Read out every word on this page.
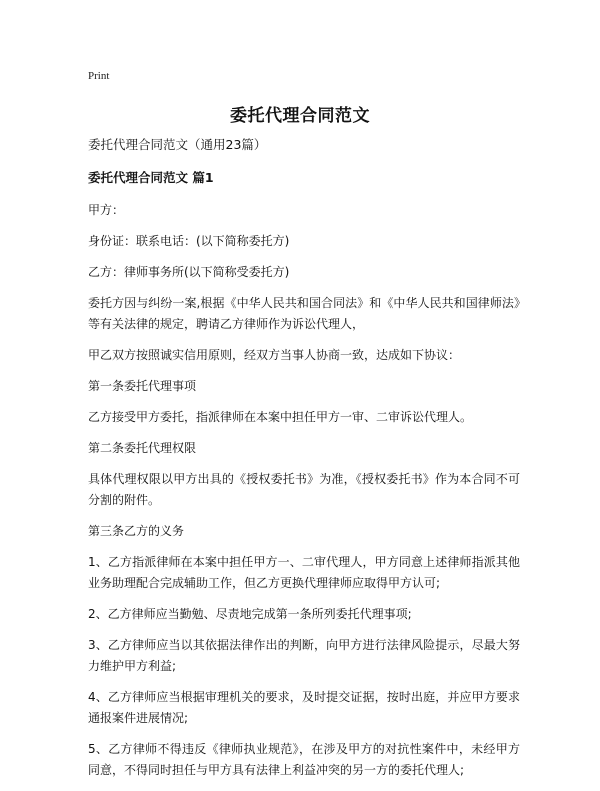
Print
委托代理合同范文

委托代理合同范文（通用23篇）

委托代理合同范文 篇1

甲方：

身份证：联系电话：(以下简称委托方)

乙方：律师事务所(以下简称受委托方)

委托方因与纠纷一案,根据《中华人民共和国合同法》和《中华人民共和国律师法》等有关法律的规定，聘请乙方律师作为诉讼代理人，

甲乙双方按照诚实信用原则，经双方当事人协商一致，达成如下协议：

第一条委托代理事项

乙方接受甲方委托，指派律师在本案中担任甲方一审、二审诉讼代理人。

第二条委托代理权限

具体代理权限以甲方出具的《授权委托书》为准，《授权委托书》作为本合同不可分割的附件。

第三条乙方的义务

1、乙方指派律师在本案中担任甲方一、二审代理人，甲方同意上述律师指派其他业务助理配合完成辅助工作，但乙方更换代理律师应取得甲方认可;

2、乙方律师应当勤勉、尽责地完成第一条所列委托代理事项;

3、乙方律师应当以其依据法律作出的判断，向甲方进行法律风险提示，尽最大努力维护甲方利益;

4、乙方律师应当根据审理机关的要求，及时提交证据，按时出庭，并应甲方要求通报案件进展情况;

5、乙方律师不得违反《律师执业规范》，在涉及甲方的对抗性案件中，未经甲方同意，不得同时担任与甲方具有法律上利益冲突的另一方的委托代理人;
